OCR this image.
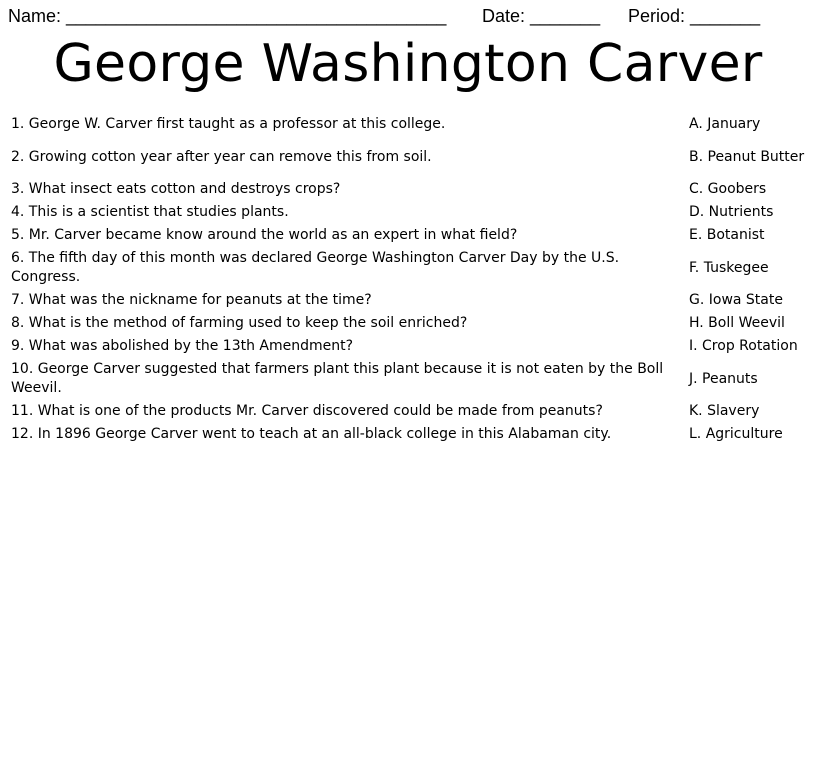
Name: ______________________________________ Date: _______ Period: _______
George Washington Carver
1. George W. Carver first taught as a professor at this college.
2. Growing cotton year after year can remove this from soil.
3. What insect eats cotton and destroys crops?
4. This is a scientist that studies plants.
5. Mr. Carver became know around the world as an expert in what field?
6. The fifth day of this month was declared George Washington Carver Day by the U.S. Congress.
7. What was the nickname for peanuts at the time?
8. What is the method of farming used to keep the soil enriched?
9. What was abolished by the 13th Amendment?
10. George Carver suggested that farmers plant this plant because it is not eaten by the Boll Weevil.
11. What is one of the products Mr. Carver discovered could be made from peanuts?
12. In 1896 George Carver went to teach at an all-black college in this Alabaman city.
A. January
B. Peanut Butter
C. Goobers
D. Nutrients
E. Botanist
F. Tuskegee
G. Iowa State
H. Boll Weevil
I. Crop Rotation
J. Peanuts
K. Slavery
L. Agriculture
